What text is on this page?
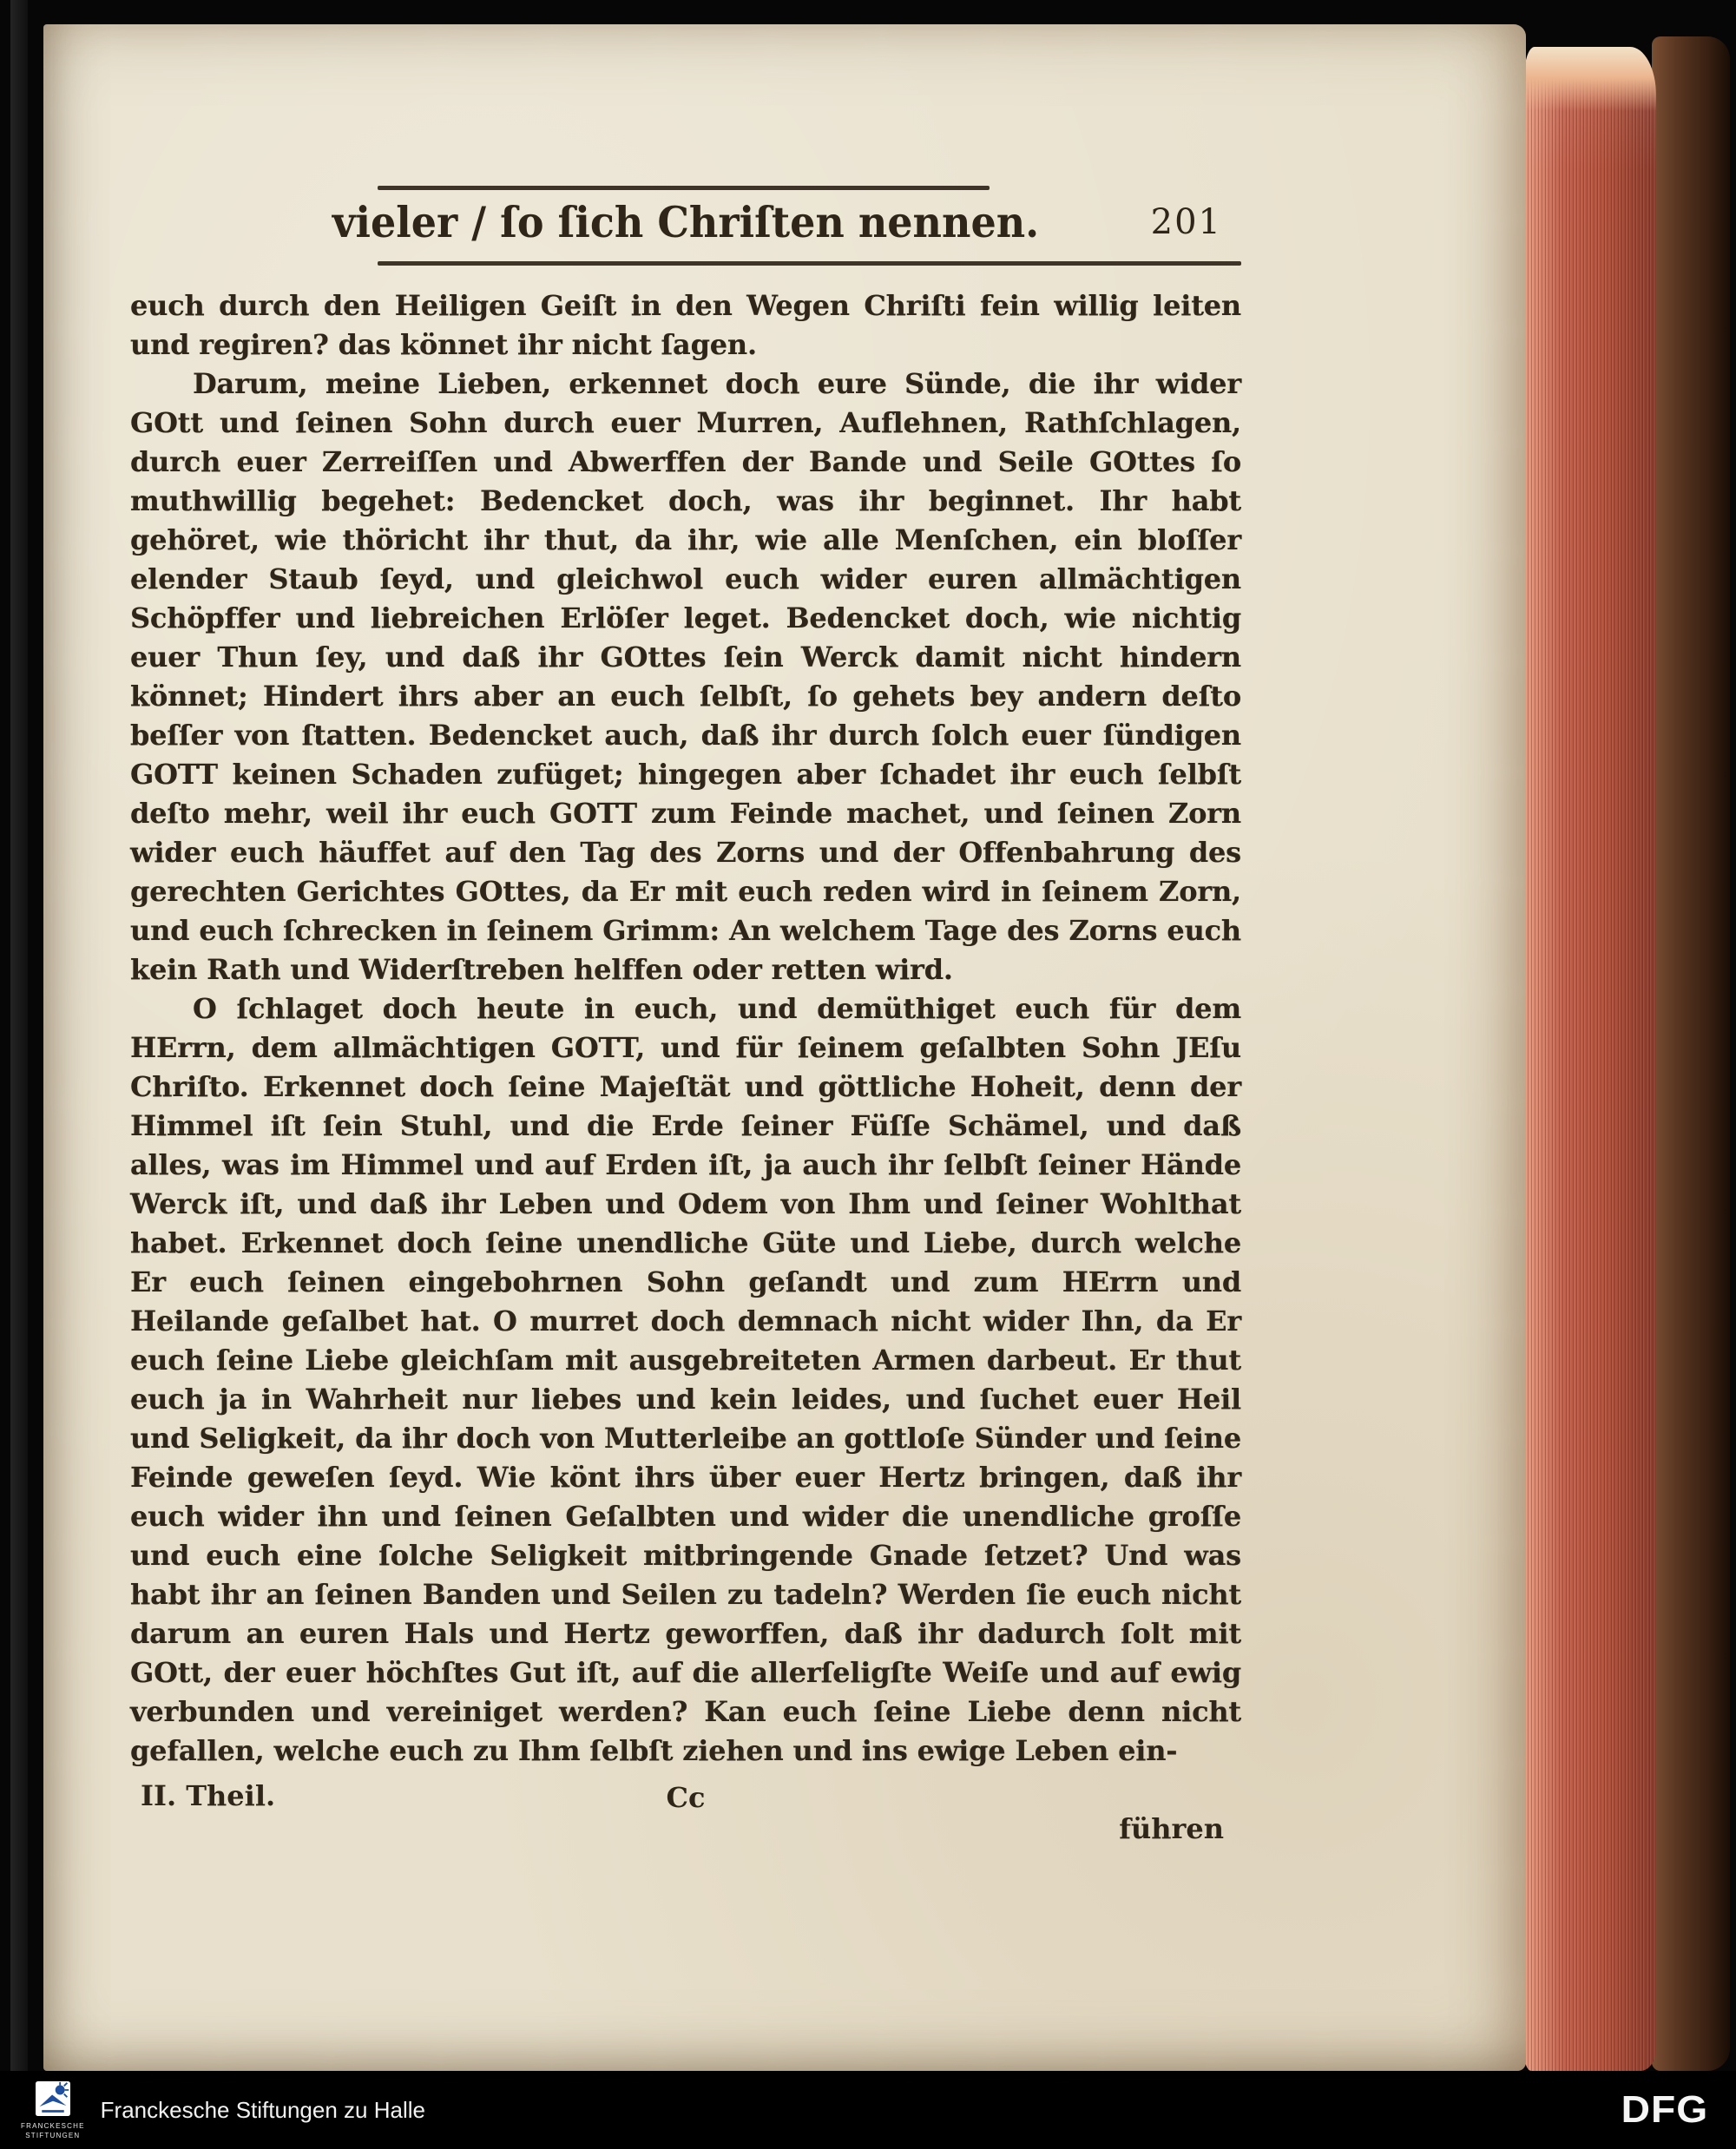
vieler / ſo ſich Chriſten nennen.	201

euch durch den Heiligen Geiſt in den Wegen Chriſti fein willig leiten und regiren? das könnet ihr nicht ſagen.

Darum, meine Lieben, erkennet doch eure Sünde, die ihr wider GOtt und ſeinen Sohn durch euer Murren, Auflehnen, Rathſchlagen, durch euer Zerreiſſen und Abwerffen der Bande und Seile GOttes ſo muthwillig begehet: Bedencket doch, was ihr beginnet. Ihr habt gehöret, wie thöricht ihr thut, da ihr, wie alle Menſchen, ein bloſſer elender Staub ſeyd, und gleichwol euch wider euren allmächtigen Schöpffer und liebreichen Erlöſer leget. Bedencket doch, wie nichtig euer Thun ſey, und daß ihr GOttes ſein Werck damit nicht hindern könnet; Hindert ihrs aber an euch ſelbſt, ſo gehets bey andern deſto beſſer von ſtatten. Bedencket auch, daß ihr durch ſolch euer ſündigen GOTT keinen Schaden zufüget; hingegen aber ſchadet ihr euch ſelbſt deſto mehr, weil ihr euch GOTT zum Feinde machet, und ſeinen Zorn wider euch häuffet auf den Tag des Zorns und der Offenbahrung des gerechten Gerichtes GOttes, da Er mit euch reden wird in ſeinem Zorn, und euch ſchrecken in ſeinem Grimm: An welchem Tage des Zorns euch kein Rath und Widerſtreben helffen oder retten wird.

O ſchlaget doch heute in euch, und demüthiget euch für dem HErrn, dem allmächtigen GOTT, und für ſeinem geſalbten Sohn JEſu Chriſto. Erkennet doch ſeine Majeſtät und göttliche Hoheit, denn der Himmel iſt ſein Stuhl, und die Erde ſeiner Füſſe Schämel, und daß alles, was im Himmel und auf Erden iſt, ja auch ihr ſelbſt ſeiner Hände Werck iſt, und daß ihr Leben und Odem von Ihm und ſeiner Wohlthat habet. Erkennet doch ſeine unendliche Güte und Liebe, durch welche Er euch ſeinen eingebohrnen Sohn geſandt und zum HErrn und Heilande geſalbet hat. O murret doch demnach nicht wider Ihn, da Er euch ſeine Liebe gleichſam mit ausgebreiteten Armen darbeut. Er thut euch ja in Wahrheit nur liebes und kein leides, und ſuchet euer Heil und Seligkeit, da ihr doch von Mutterleibe an gottloſe Sünder und ſeine Feinde geweſen ſeyd. Wie könt ihrs über euer Hertz bringen, daß ihr euch wider ihn und ſeinen Geſalbten und wider die unendliche groſſe und euch eine ſolche Seligkeit mitbringende Gnade ſetzet? Und was habt ihr an ſeinen Banden und Seilen zu tadeln? Werden ſie euch nicht darum an euren Hals und Hertz geworffen, daß ihr dadurch ſolt mit GOtt, der euer höchſtes Gut iſt, auf die allerſeligſte Weiſe und auf ewig verbunden und vereiniget werden? Kan euch ſeine Liebe denn nicht gefallen, welche euch zu Ihm ſelbſt ziehen und ins ewige Leben ein-

II. Theil.	Cc
führen
FRANCKESCHE
STIFTUNGEN
Franckesche Stiftungen zu Halle	DFG
